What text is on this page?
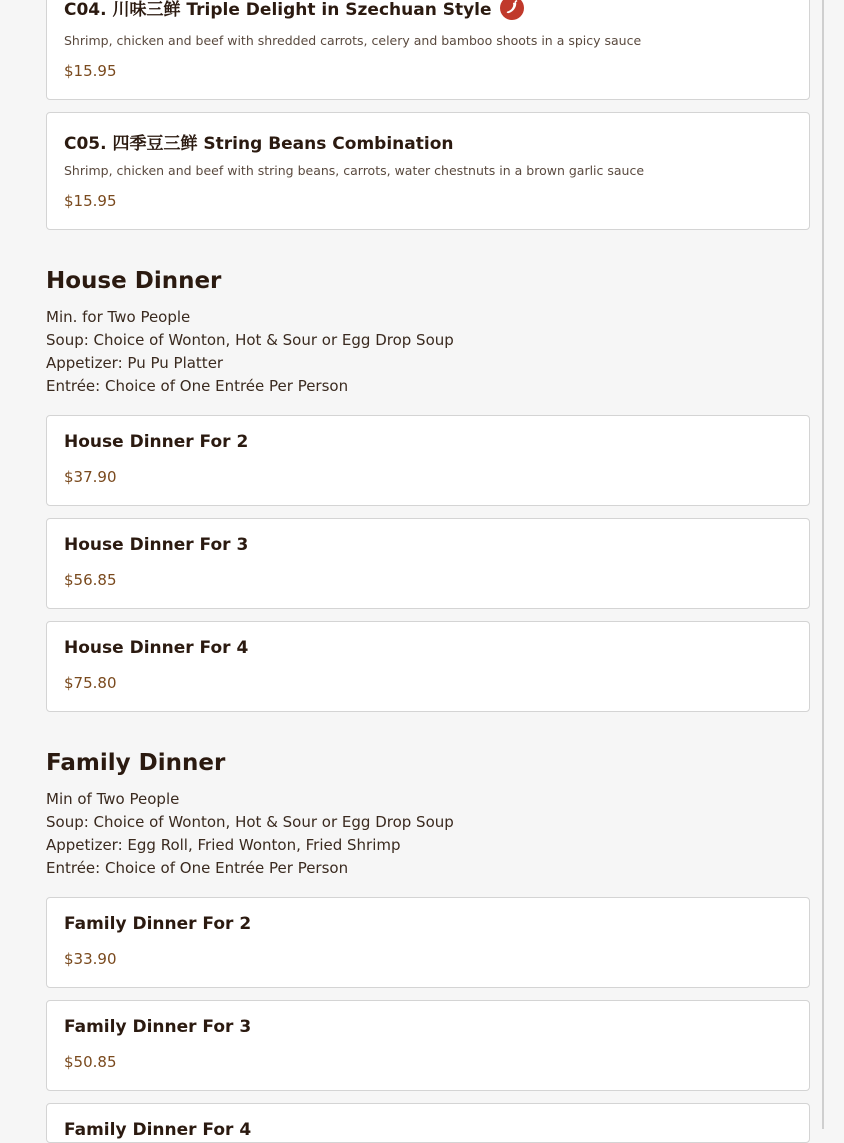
C04. 川味三鲜 Triple Delight in Szechuan Style
Shrimp, chicken and beef with shredded carrots, celery and bamboo shoots in a spicy sauce
$15.95
C05. 四季豆三鲜 String Beans Combination
Shrimp, chicken and beef with string beans, carrots, water chestnuts in a brown garlic sauce
$15.95
House Dinner
Min. for Two People
Soup: Choice of Wonton, Hot & Sour or Egg Drop Soup
Appetizer: Pu Pu Platter
Entrée: Choice of One Entrée Per Person
House Dinner For 2
$37.90
House Dinner For 3
$56.85
House Dinner For 4
$75.80
Family Dinner
Min of Two People
Soup: Choice of Wonton, Hot & Sour or Egg Drop Soup
Appetizer: Egg Roll, Fried Wonton, Fried Shrimp
Entrée: Choice of One Entrée Per Person
Family Dinner For 2
$33.90
Family Dinner For 3
$50.85
Family Dinner For 4
